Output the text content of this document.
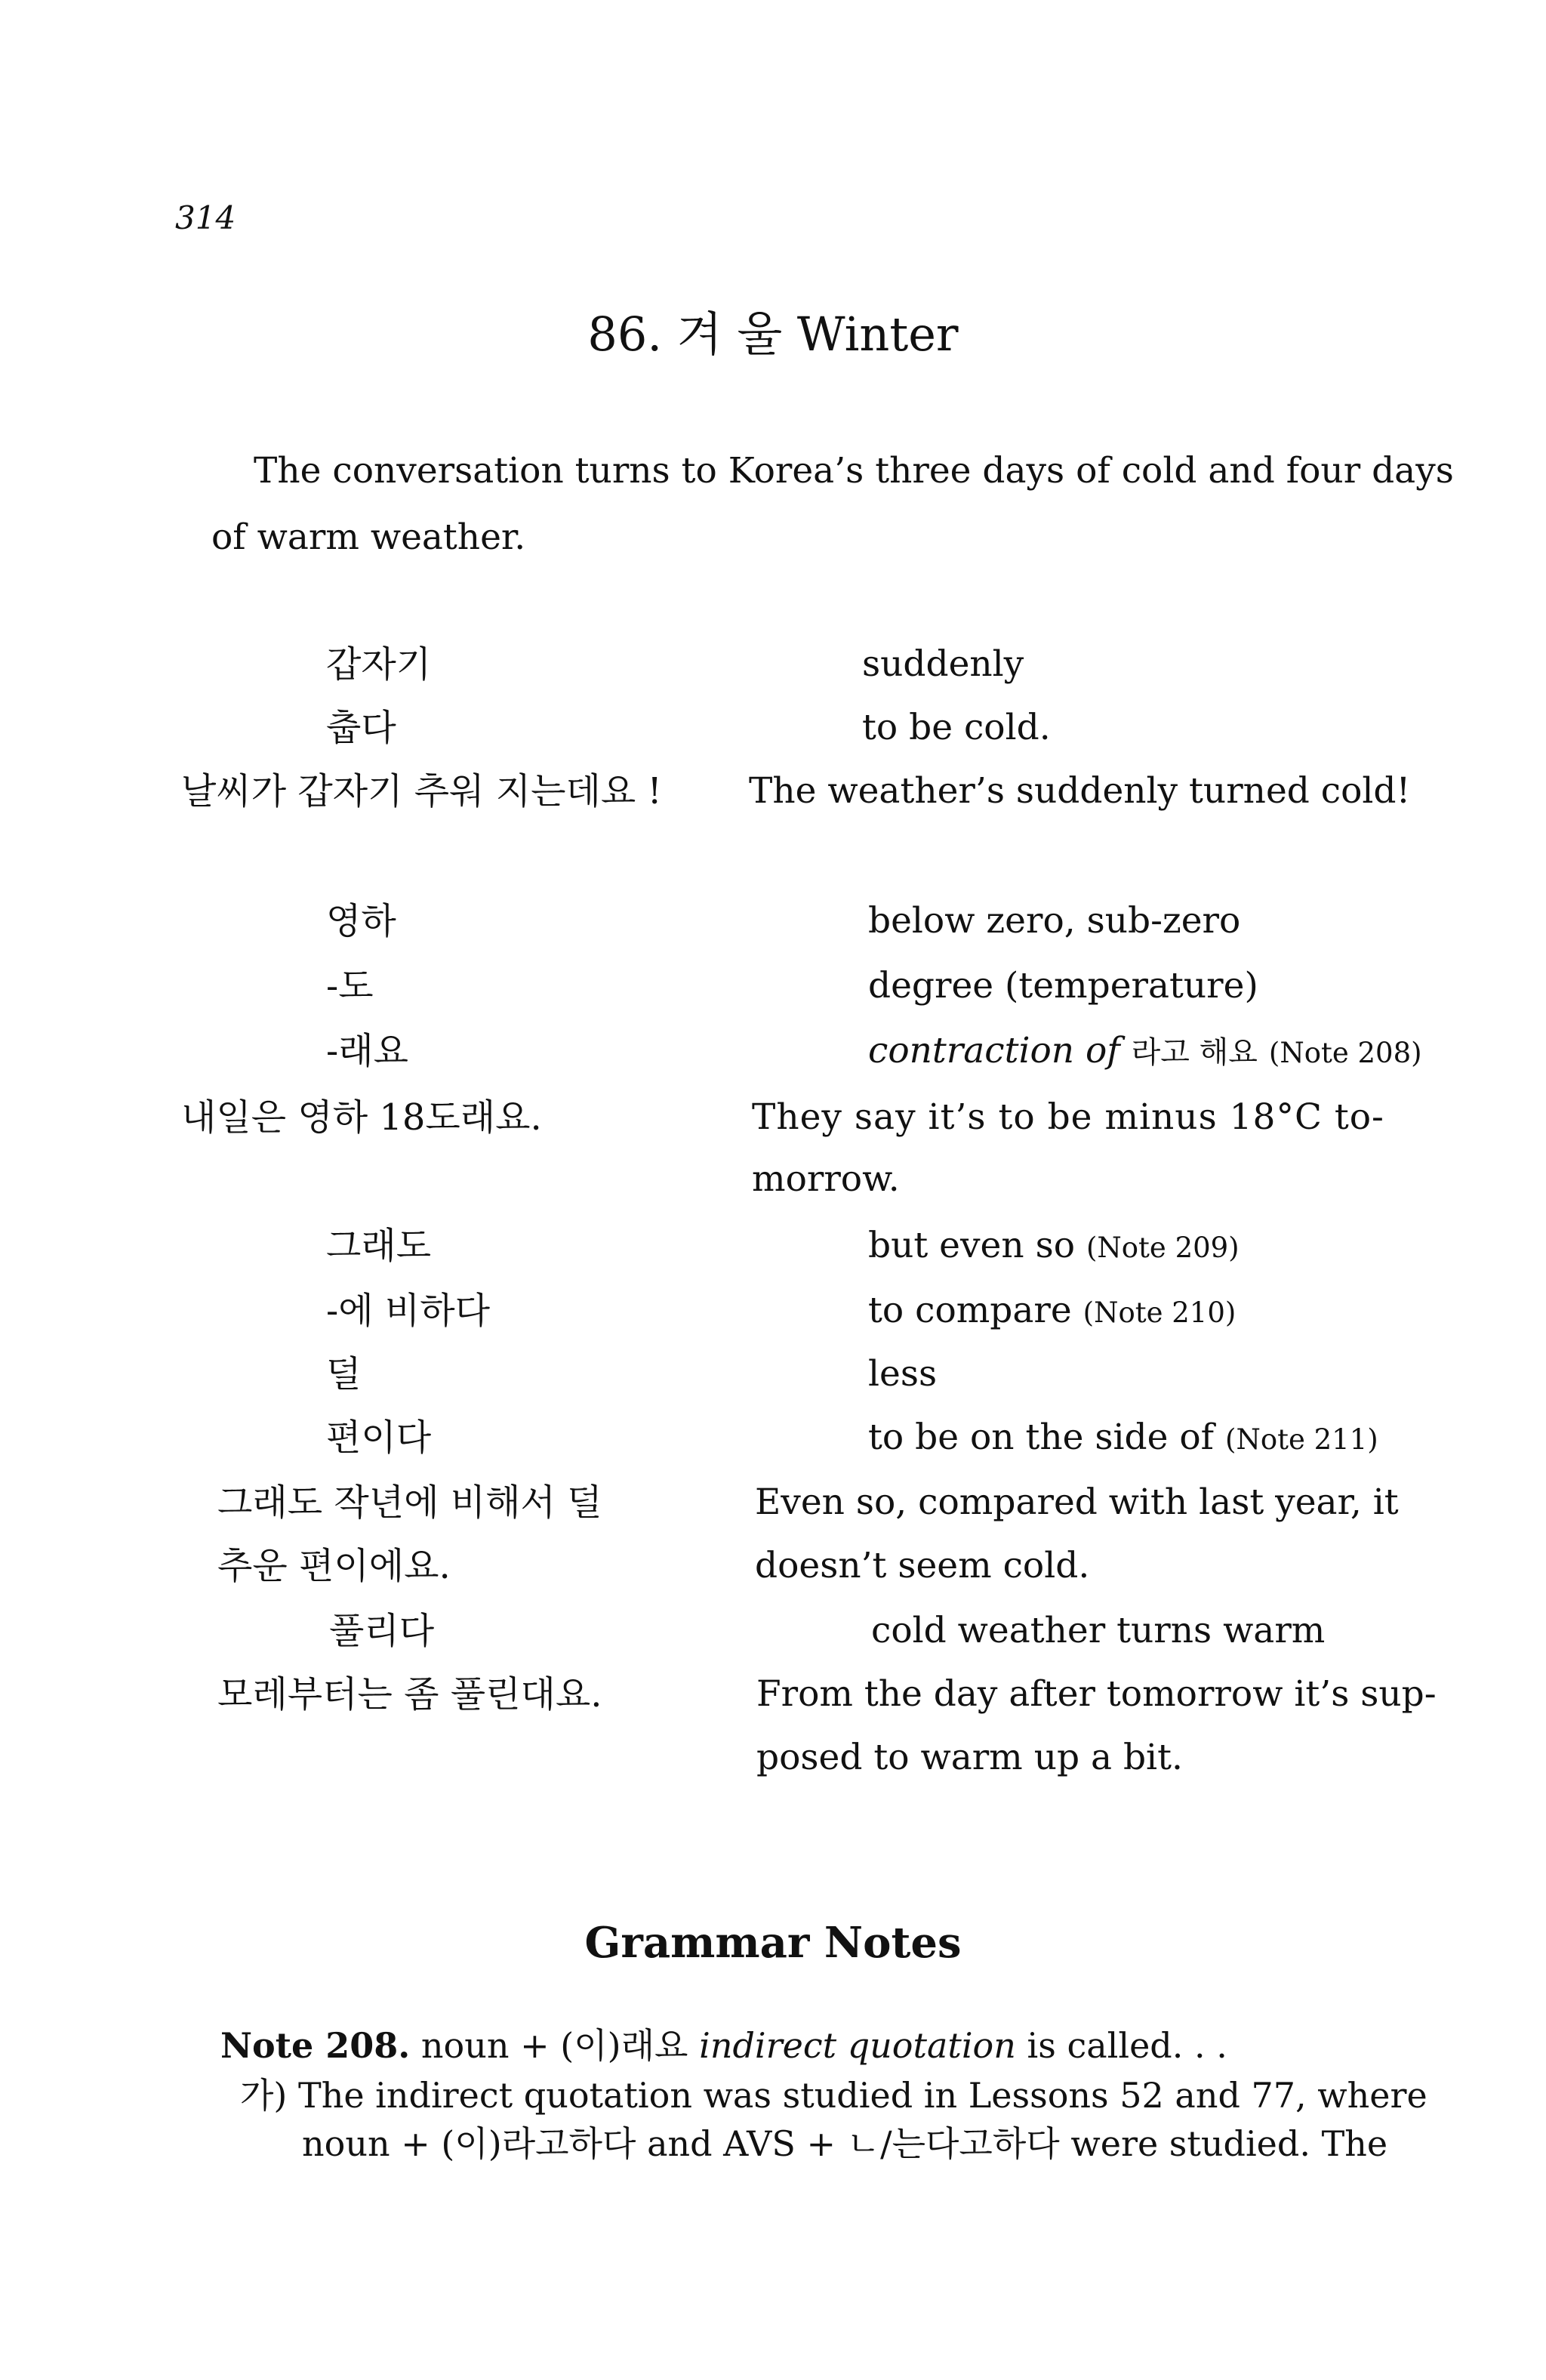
314
86. 겨 울 Winter
The conversation turns to Korea’s three days of cold and four days
of warm weather.
갑자기	suddenly
춥다	to be cold.
날씨가 갑자기 추워 지는데요 ! The weather’s suddenly turned cold!
영하	below zero, sub-zero
-도	degree (temperature)
-래요	contraction of 라고 해요 (Note 208)
내일은 영하 18도래요.	They say it’s to be minus 18°C to-
morrow.
그래도	but even so (Note 209)
-에 비하다	to compare (Note 210)
덜	less
편이다	to be on the side of (Note 211)
그래도 작년에 비해서 덜	Even so, compared with last year, it
추운 편이에요.	doesn’t seem cold.
풀리다	cold weather turns warm
모레부터는 좀 풀린대요.	From the day after tomorrow it’s sup-
posed to warm up a bit.
Grammar Notes
Note 208. noun + (이)래요 indirect quotation is called. . .
가) The indirect quotation was studied in Lessons 52 and 77, where
noun + (이)라고하다 and AVS + ㄴ/는다고하다 were studied. The
